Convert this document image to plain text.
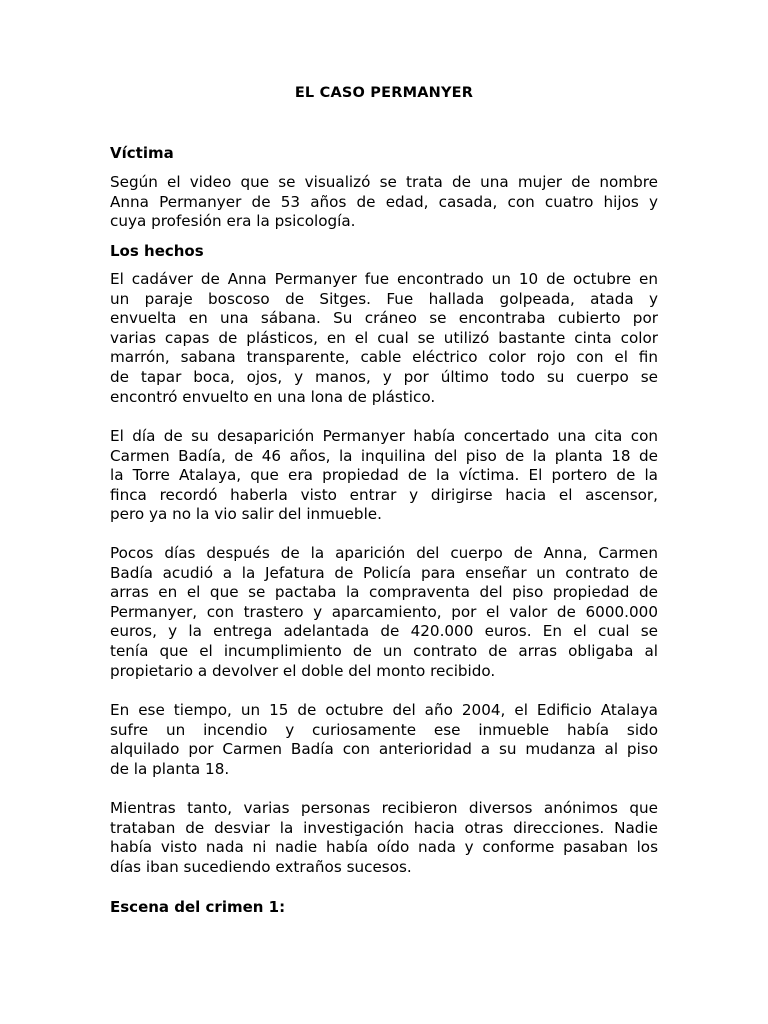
EL CASO PERMANYER
Víctima
Según el video que se visualizó se trata de una mujer de nombre
Anna Permanyer de 53 años de edad, casada, con cuatro hijos y
cuya profesión era la psicología.
Los hechos
El cadáver de Anna Permanyer fue encontrado un 10 de octubre en
un paraje boscoso de Sitges. Fue hallada golpeada, atada y
envuelta en una sábana. Su cráneo se encontraba cubierto por
varias capas de plásticos, en el cual se utilizó bastante cinta color
marrón, sabana transparente, cable eléctrico color rojo con el fin
de tapar boca, ojos, y manos, y por último todo su cuerpo se
encontró envuelto en una lona de plástico.
El día de su desaparición Permanyer había concertado una cita con
Carmen Badía, de 46 años, la inquilina del piso de la planta 18 de
la Torre Atalaya, que era propiedad de la víctima. El portero de la
finca recordó haberla visto entrar y dirigirse hacia el ascensor,
pero ya no la vio salir del inmueble.
Pocos días después de la aparición del cuerpo de Anna, Carmen
Badía acudió a la Jefatura de Policía para enseñar un contrato de
arras en el que se pactaba la compraventa del piso propiedad de
Permanyer, con trastero y aparcamiento, por el valor de 6000.000
euros, y la entrega adelantada de 420.000 euros. En el cual se
tenía que el incumplimiento de un contrato de arras obligaba al
propietario a devolver el doble del monto recibido.
En ese tiempo, un 15 de octubre del año 2004, el Edificio Atalaya
sufre un incendio y curiosamente ese inmueble había sido
alquilado por Carmen Badía con anterioridad a su mudanza al piso
de la planta 18.
Mientras tanto, varias personas recibieron diversos anónimos que
trataban de desviar la investigación hacia otras direcciones. Nadie
había visto nada ni nadie había oído nada y conforme pasaban los
días iban sucediendo extraños sucesos.
Escena del crimen 1:
